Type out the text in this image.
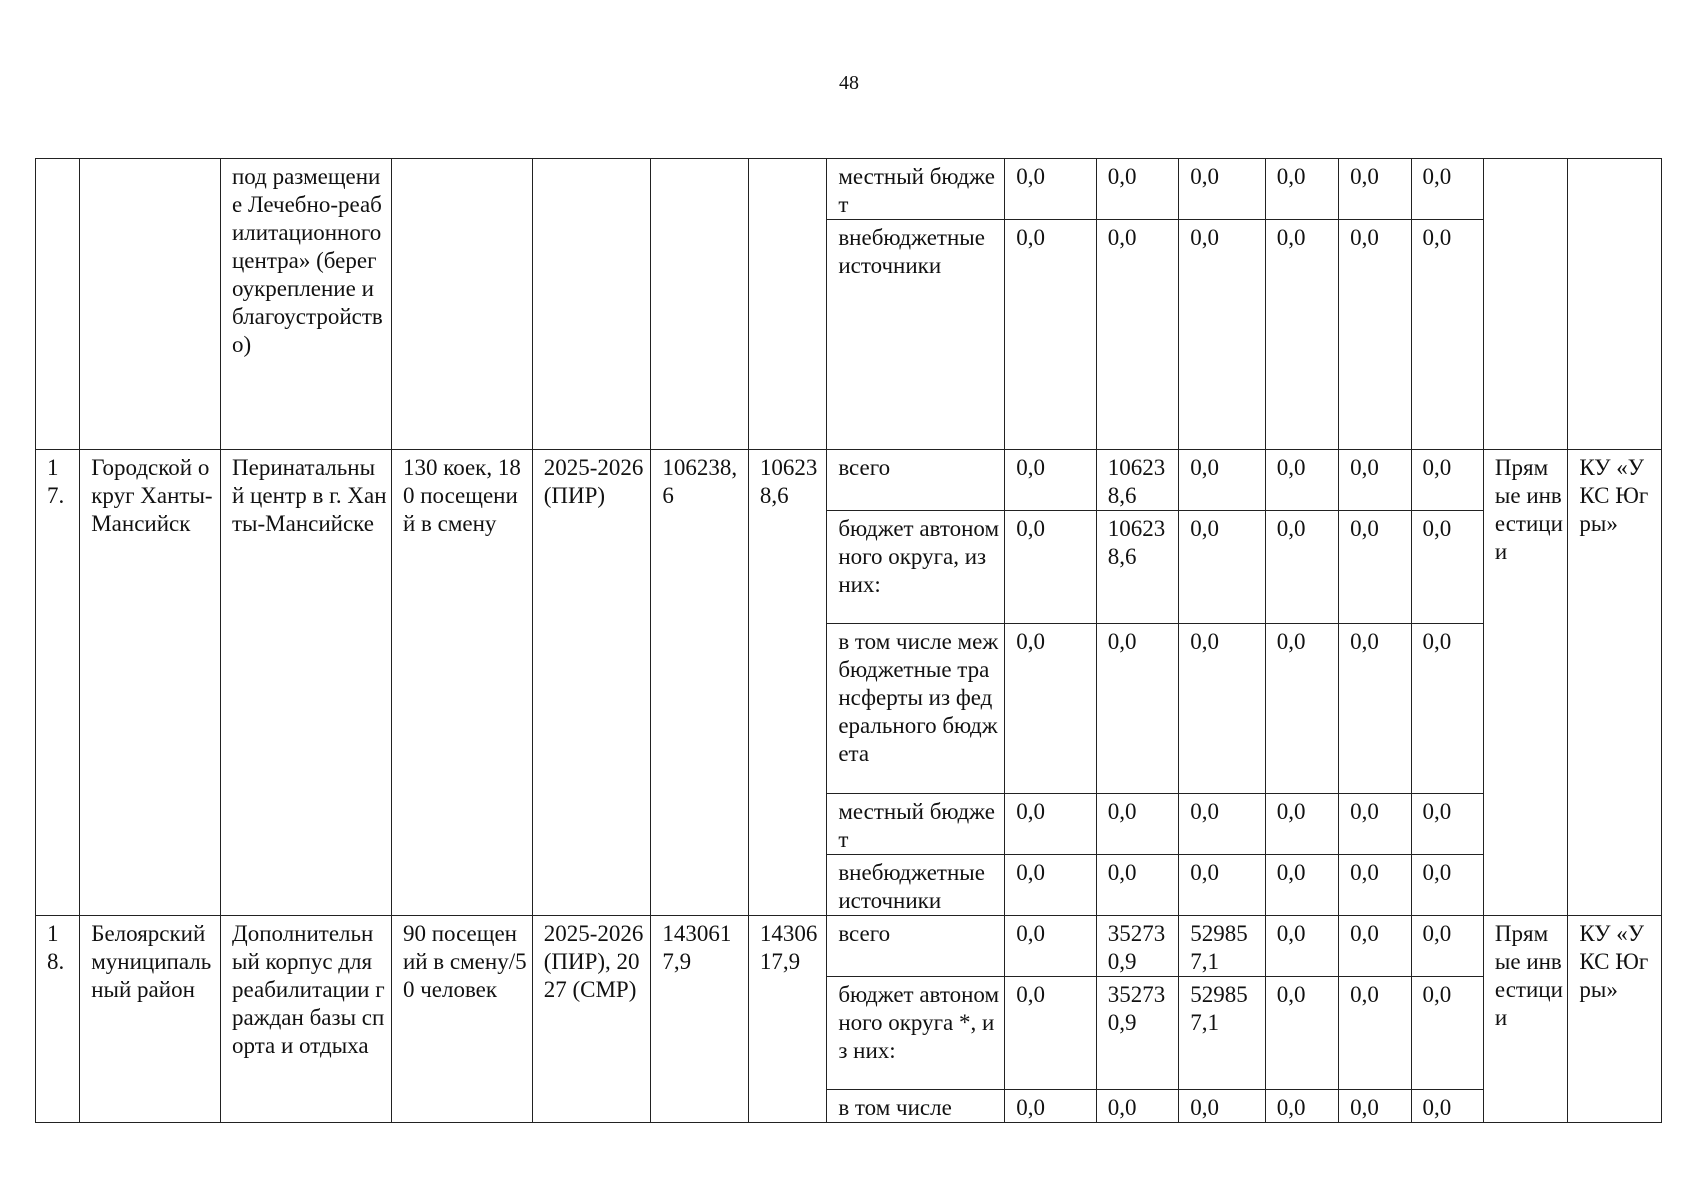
48
		под размещение Лечебно-реабилитационного центра» (берегоукрепление и благоустройство)					местный бюджет	0,0	0,0	0,0	0,0	0,0	0,0		
							внебюджетные источники	0,0	0,0	0,0	0,0	0,0	0,0		
17.	Городской округ Ханты-Мансийск	Перинатальный центр в г. Ханты-Мансийске	130 коек, 180 посещений в смену	2025-2026 (ПИР)	106238,6	106238,6	всего	0,0	106238,6	0,0	0,0	0,0	0,0	Прямые инвестиции	КУ «УКС Югры»
							бюджет автономного округа, из них:	0,0	106238,6	0,0	0,0	0,0	0,0		
							в том числе межбюджетные трансферты из федерального бюджета	0,0	0,0	0,0	0,0	0,0	0,0		
							местный бюджет	0,0	0,0	0,0	0,0	0,0	0,0		
							внебюджетные источники	0,0	0,0	0,0	0,0	0,0	0,0		
18.	Белоярский муниципальный район	Дополнительный корпус для реабилитации граждан базы спорта и отдыха	90 посещений в смену/50 человек	2025-2026 (ПИР), 2027 (СМР)	1430617,9	1430617,9	всего	0,0	352730,9	529857,1	0,0	0,0	0,0	Прямые инвестиции	КУ «УКС Югры»
							бюджет автономного округа *, из них:	0,0	352730,9	529857,1	0,0	0,0	0,0		
							в том числе	0,0	0,0	0,0	0,0	0,0	0,0		
